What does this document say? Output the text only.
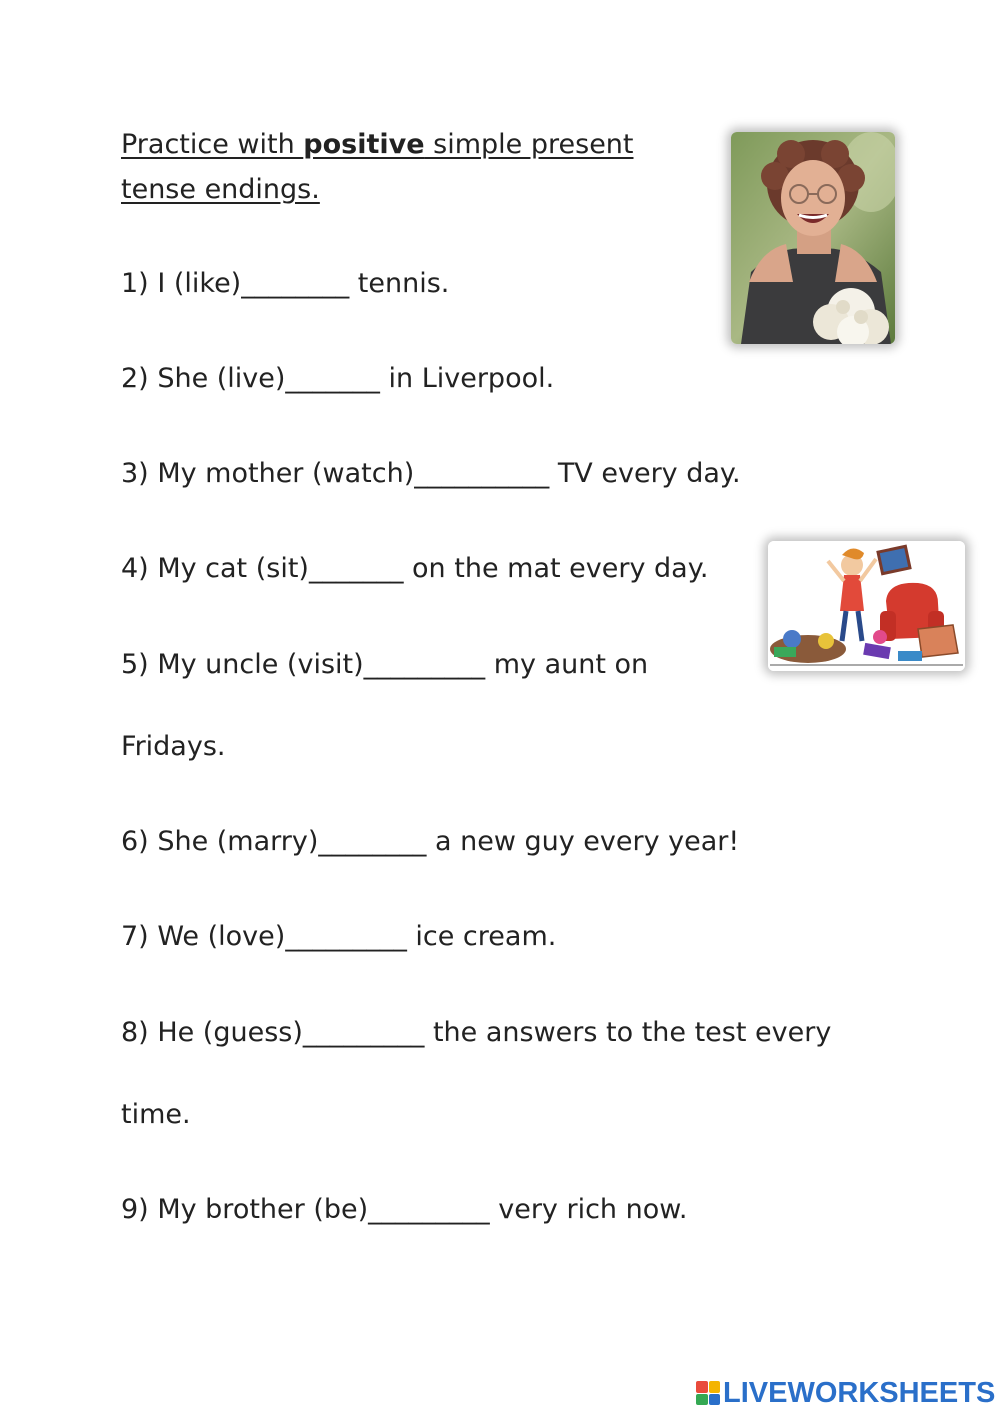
Practice with positive simple present tense endings.
1) I (like)________ tennis.
2) She (live)_______ in Liverpool.
3) My mother (watch)__________ TV every day.
4) My cat (sit)_______ on the mat every day.
5) My uncle (visit)_________ my aunt on
Fridays.
6) She (marry)________ a new guy every year!
7) We (love)_________ ice cream.
8) He (guess)_________ the answers to the test every
time.
9) My brother (be)_________ very rich now.
LIVEWORKSHEETS
